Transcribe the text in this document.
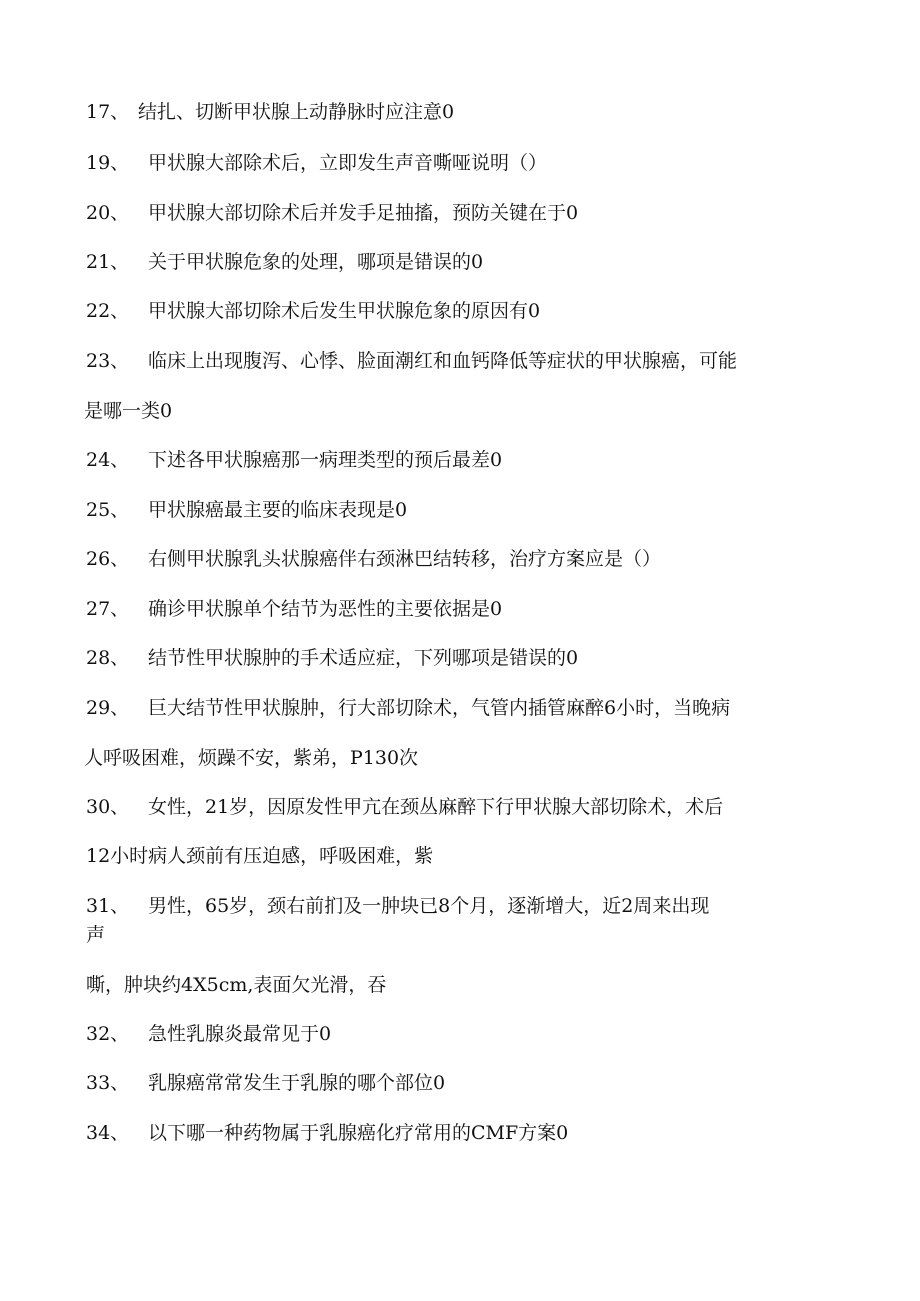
17、 结扎、切断甲状腺上动静脉时应注意0
19、 甲状腺大部除术后，立即发生声音嘶哑说明（）
20、 甲状腺大部切除术后并发手足抽搐，预防关键在于0
21、 关于甲状腺危象的处理，哪项是错误的0
22、 甲状腺大部切除术后发生甲状腺危象的原因有0
23、 临床上出现腹泻、心悸、脸面潮红和血钙降低等症状的甲状腺癌，可能
是哪一类0
24、 下述各甲状腺癌那一病理类型的预后最差0
25、 甲状腺癌最主要的临床表现是0
26、 右侧甲状腺乳头状腺癌伴右颈淋巴结转移，治疗方案应是（）
27、 确诊甲状腺单个结节为恶性的主要依据是0
28、 结节性甲状腺肿的手术适应症，下列哪项是错误的0
29、 巨大结节性甲状腺肿，行大部切除术，气管内插管麻醉6小时，当晚病
人呼吸困难，烦躁不安，紫弟，P130次
30、 女性，21岁，因原发性甲亢在颈丛麻醉下行甲状腺大部切除术，术后
12小时病人颈前有压迫感，呼吸困难，紫
31、 男性，65岁，颈右前扪及一肿块已8个月，逐渐增大，近2周来出现
声
嘶，肿块约4X5cm,表面欠光滑，吞
32、 急性乳腺炎最常见于0
33、 乳腺癌常常发生于乳腺的哪个部位0
34、 以下哪一种药物属于乳腺癌化疗常用的CMF方案0
